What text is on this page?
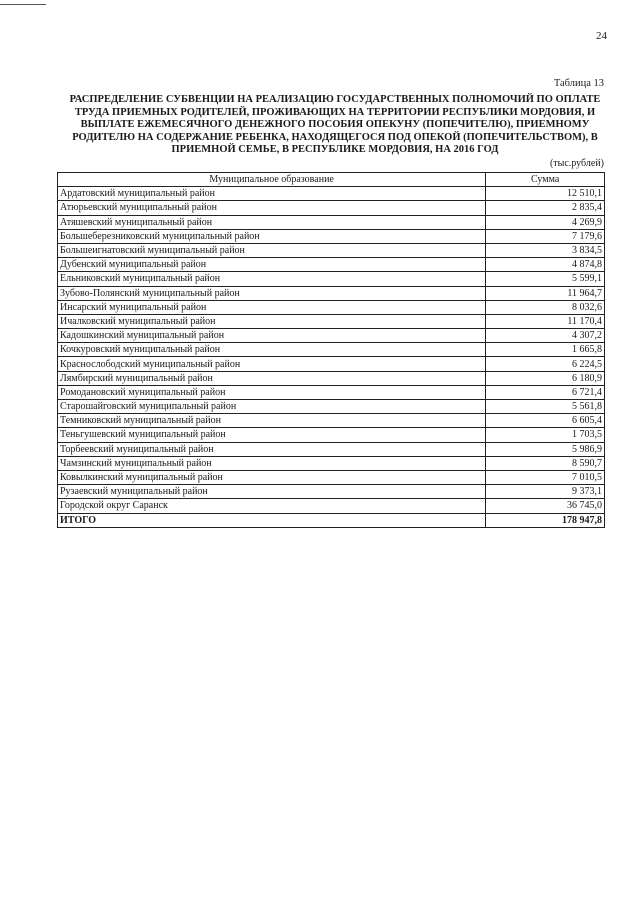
24
Таблица 13
РАСПРЕДЕЛЕНИЕ СУБВЕНЦИИ НА РЕАЛИЗАЦИЮ ГОСУДАРСТВЕННЫХ ПОЛНОМОЧИЙ ПО ОПЛАТЕ ТРУДА ПРИЕМНЫХ РОДИТЕЛЕЙ, ПРОЖИВАЮЩИХ НА ТЕРРИТОРИИ РЕСПУБЛИКИ МОРДОВИЯ, И ВЫПЛАТЕ ЕЖЕМЕСЯЧНОГО ДЕНЕЖНОГО ПОСОБИЯ ОПЕКУНУ (ПОПЕЧИТЕЛЮ), ПРИЕМНОМУ РОДИТЕЛЮ НА СОДЕРЖАНИЕ РЕБЕНКА, НАХОДЯЩЕГОСЯ ПОД ОПЕКОЙ (ПОПЕЧИТЕЛЬСТВОМ), В ПРИЕМНОЙ СЕМЬЕ, В РЕСПУБЛИКЕ МОРДОВИЯ, НА 2016 ГОД
(тыс.рублей)
Муниципальное образование	Сумма
Ардатовский муниципальный район	12 510,1
Атюрьевский муниципальный район	2 835,4
Атяшевский муниципальный район	4 269,9
Большеберезниковский муниципальный район	7 179,6
Большеигнатовский муниципальный район	3 834,5
Дубенский муниципальный район	4 874,8
Ельниковский муниципальный район	5 599,1
Зубово-Полянский муниципальный район	11 964,7
Инсарский муниципальный район	8 032,6
Ичалковский муниципальный район	11 170,4
Кадошкинский муниципальный район	4 307,2
Кочкуровский муниципальный район	1 665,8
Краснослободский муниципальный район	6 224,5
Лямбирский муниципальный район	6 180,9
Ромодановский муниципальный район	6 721,4
Старошайговский муниципальный район	5 561,8
Темниковский муниципальный район	6 605,4
Теньгушевский муниципальный район	1 703,5
Торбеевский муниципальный район	5 986,9
Чамзинский муниципальный район	8 590,7
Ковылкинский муниципальный район	7 010,5
Рузаевский муниципальный район	9 373,1
Городской округ Саранск	36 745,0
ИТОГО	178 947,8
